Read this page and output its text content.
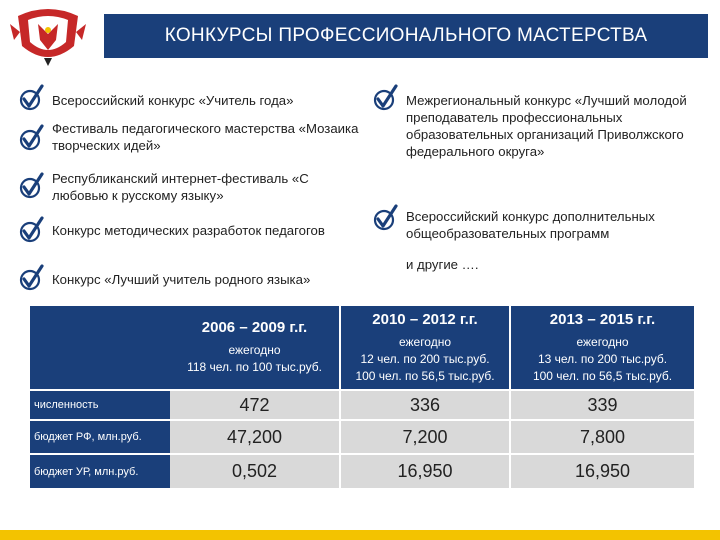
КОНКУРСЫ ПРОФЕССИОНАЛЬНОГО МАСТЕРСТВА
Всероссийский конкурс «Учитель года»
Фестиваль педагогического мастерства «Мозаика творческих идей»
Республиканский интернет-фестиваль «С любовью к русскому языку»
Конкурс методических разработок педагогов
Конкурс «Лучший учитель родного языка»
Межрегиональный конкурс «Лучший молодой преподаватель профессиональных образовательных организаций Приволжского федерального округа»
Всероссийский конкурс дополнительных общеобразовательных программ
и другие ….

	2006 – 2009 г.г.
ежегодно
118 чел. по 100 тыс.руб.	2010 – 2012 г.г.
ежегодно
12 чел. по 200 тыс.руб.
100 чел. по 56,5 тыс.руб.	2013 – 2015 г.г.
ежегодно
13 чел. по 200 тыс.руб.
100 чел. по 56,5 тыс.руб.

численность	472	336	339
бюджет РФ, млн.руб.	47,200	7,200	7,800
бюджет УР, млн.руб.	0,502	16,950	16,950
